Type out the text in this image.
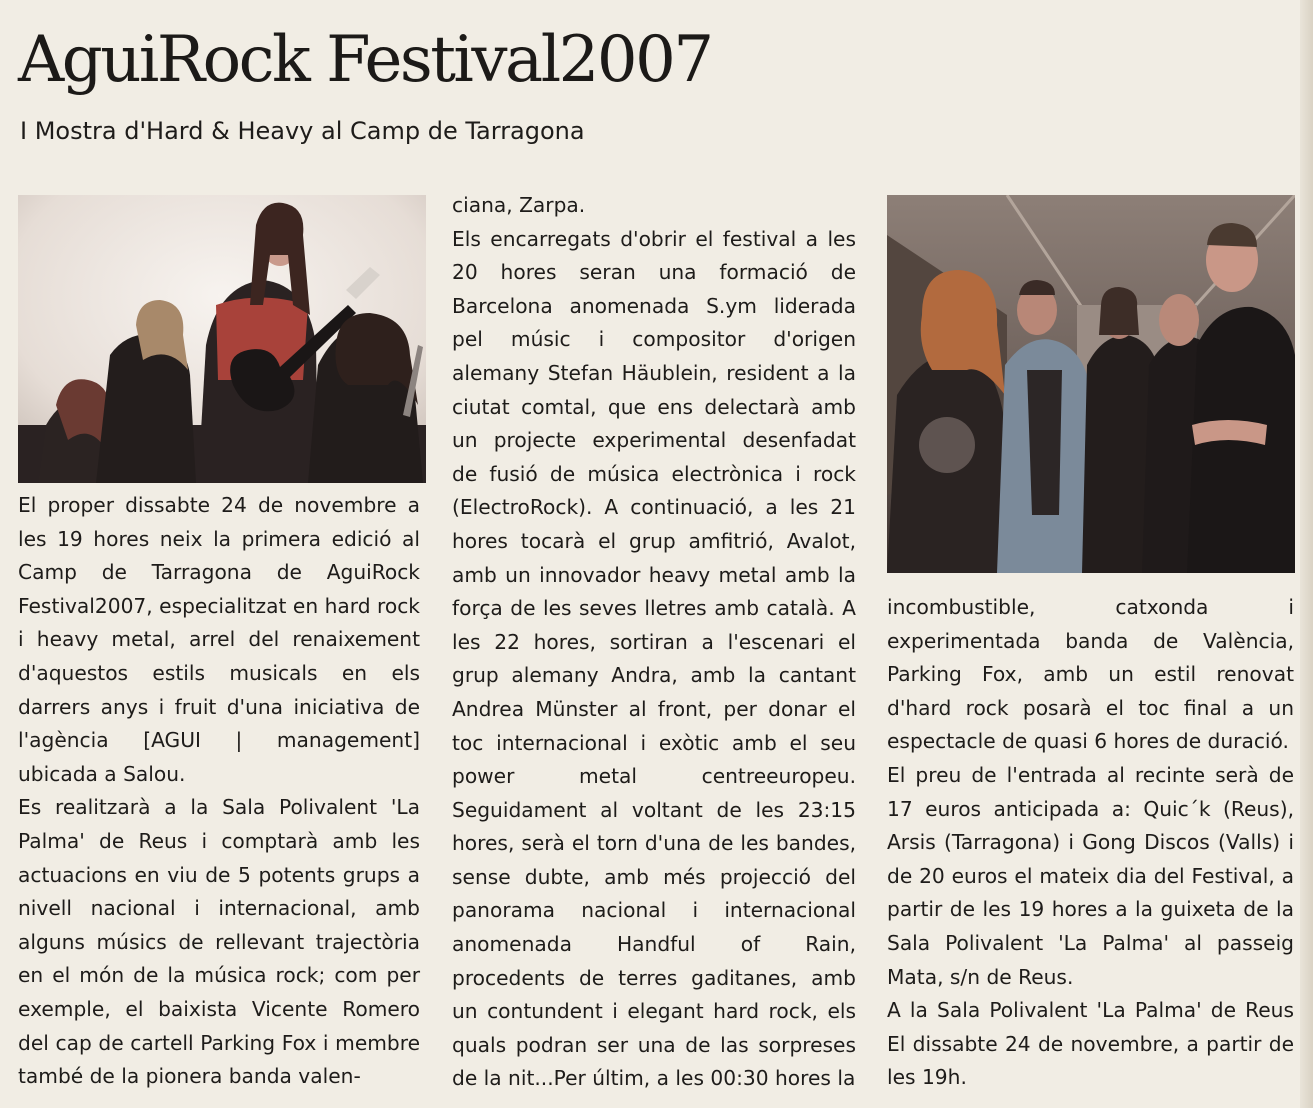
AguiRock Festival2007
I Mostra d'Hard & Heavy al Camp de Tarragona

El proper dissabte 24 de novembre a les 19 hores neix la primera edició al Camp de Tarragona de AguiRock Festival2007, especialitzat en hard rock i heavy metal, arrel del renaixement d'aquestos estils musicals en els darrers anys i fruit d'una iniciativa de l'agència [AGUI | management] ubicada a Salou.

Es realitzarà a la Sala Polivalent 'La Palma' de Reus i comptarà amb les actuacions en viu de 5 potents grups a nivell nacional i internacional, amb alguns músics de rellevant trajectòria en el món de la música rock; com per exemple, el baixista Vicente Romero del cap de cartell Parking Fox i membre també de la pionera banda valen-

ciana, Zarpa.

Els encarregats d'obrir el festival a les 20 hores seran una formació de Barcelona anomenada S.ym liderada pel músic i compositor d'origen alemany Stefan Häublein, resident a la ciutat comtal, que ens delectarà amb un projecte experimental desenfadat de fusió de música electrònica i rock (ElectroRock). A continuació, a les 21 hores tocarà el grup amfitrió, Avalot, amb un innovador heavy metal amb la força de les seves lletres amb català. A les 22 hores, sortiran a l'escenari el grup alemany Andra, amb la cantant Andrea Münster al front, per donar el toc internacional i exòtic amb el seu power metal centreeuropeu. Seguidament al voltant de les 23:15 hores, serà el torn d'una de les bandes, sense dubte, amb més projecció del panorama nacional i internacional anomenada Handful of Rain, procedents de terres gaditanes, amb un contundent i elegant hard rock, els quals podran ser una de las sorpreses de la nit...Per últim, a les 00:30 hores la

incombustible, catxonda i experimentada banda de València, Parking Fox, amb un estil renovat d'hard rock posarà el toc final a un espectacle de quasi 6 hores de duració.

El preu de l'entrada al recinte serà de 17 euros anticipada a: Quic´k (Reus), Arsis (Tarragona) i Gong Discos (Valls) i de 20 euros el mateix dia del Festival, a partir de les 19 hores a la guixeta de la Sala Polivalent 'La Palma' al passeig Mata, s/n de Reus.

A la Sala Polivalent 'La Palma' de Reus El dissabte 24 de novembre, a partir de les 19h.
